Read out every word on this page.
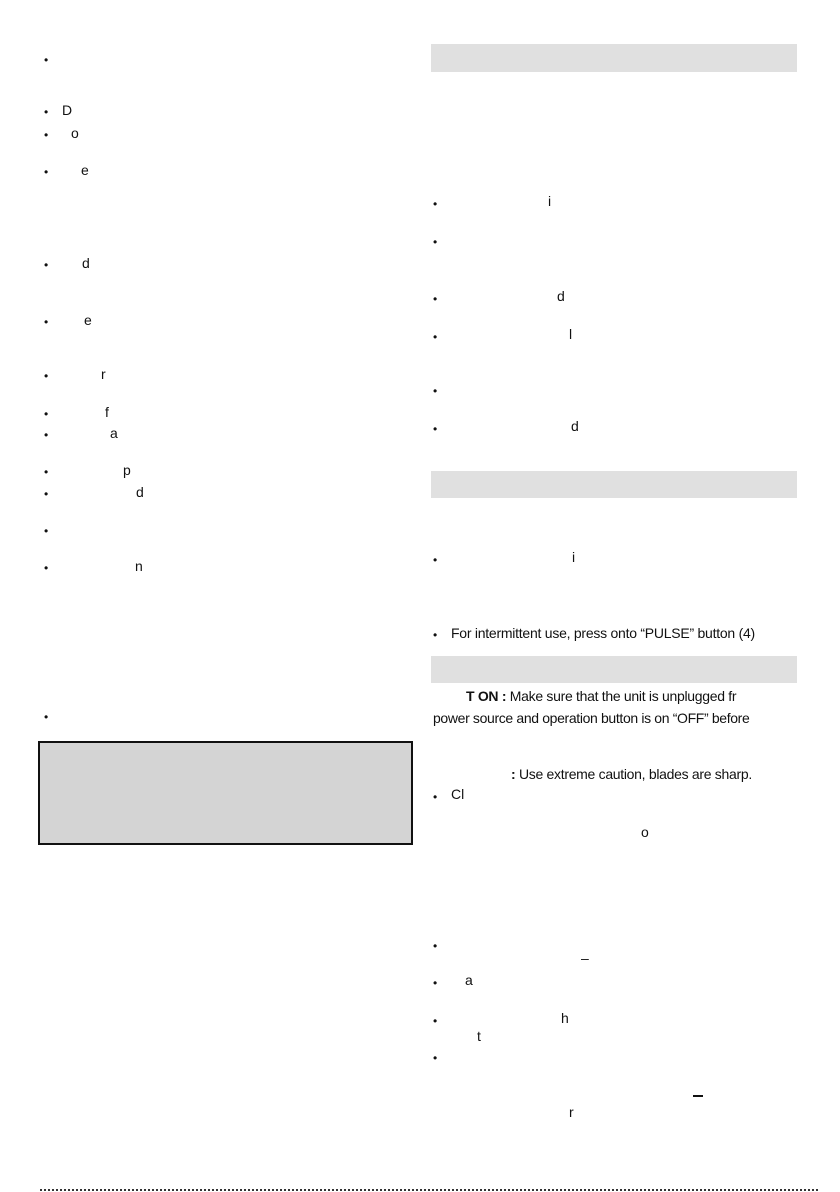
•
• D
• o
• e
• d
•	e
•	r
•	f
•	a
•	p
•	d
•
•	n
•
•	i
•
•	d
•	l
•
•	d
•	i
• For intermittent use, press onto “PULSE” button (4)
T ON : Make sure that the unit is unplugged fr
power source and operation button is on “OFF” before
: Use extreme caution, blades are sharp.
• Cl
o
•
–
• a
•	h
t
•
r
